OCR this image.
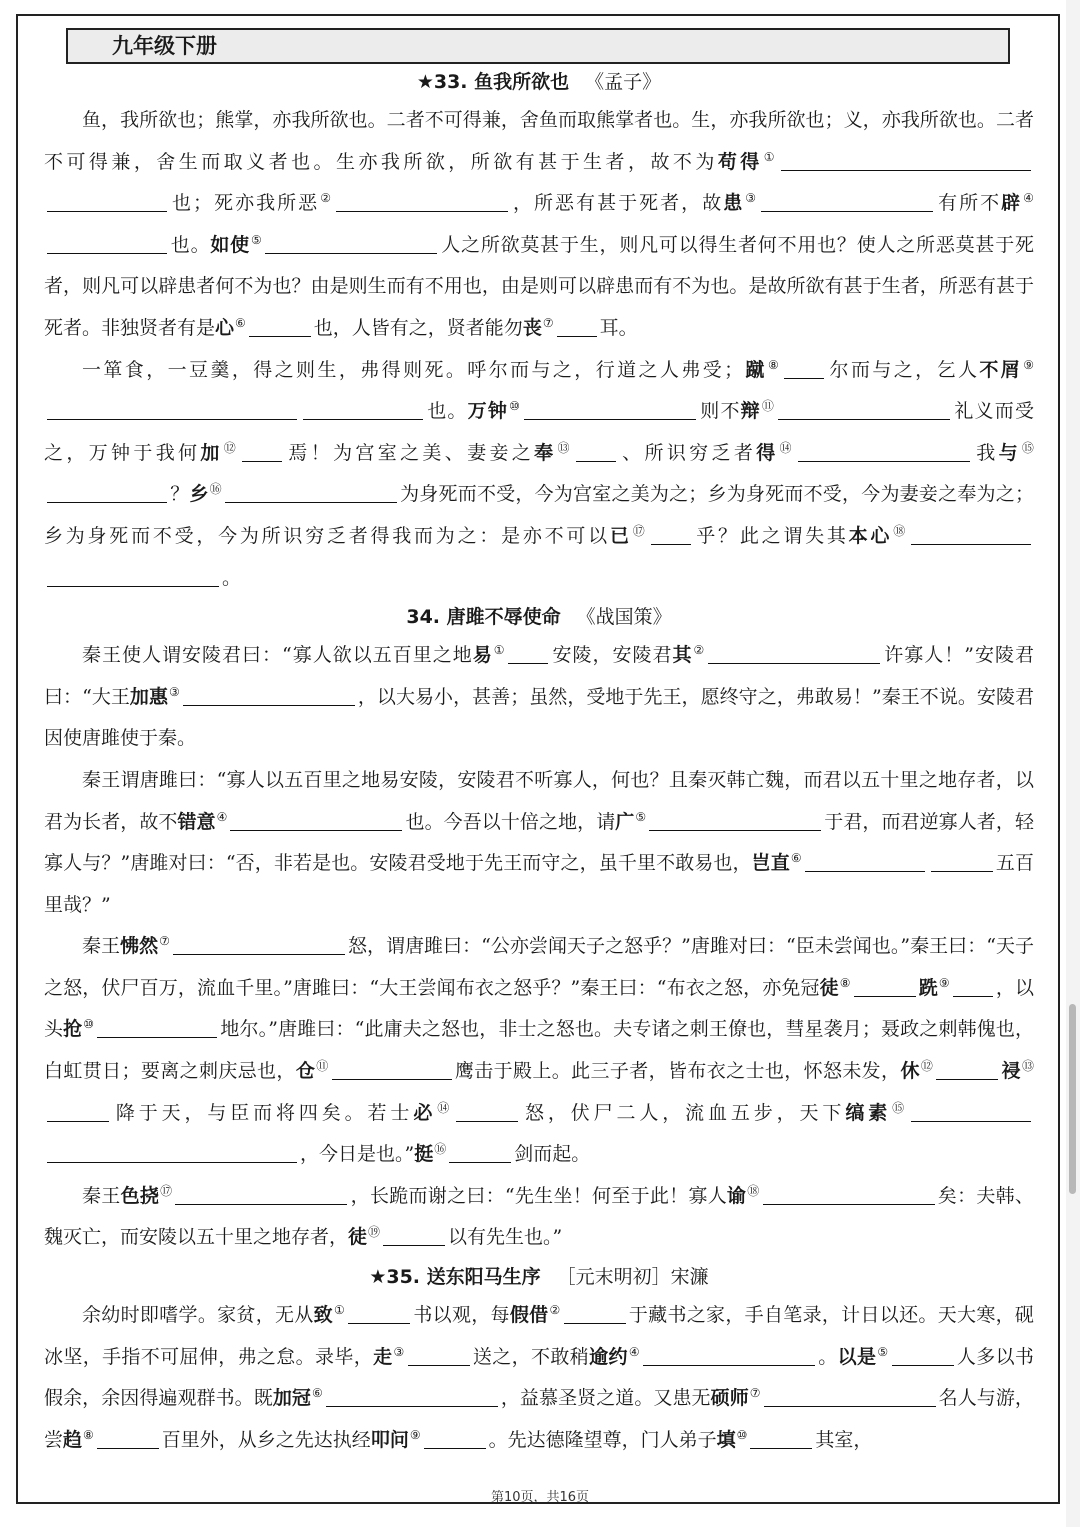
九年级下册
★33. 鱼我所欲也 《孟子》

鱼，我所欲也；熊掌，亦我所欲也。二者不可得兼，舍鱼而取熊掌者也。生，亦我所欲也；义，亦我所欲也。二者不可得兼，舍生而取义者也。生亦我所欲，所欲有甚于生者，故不为苟得①也；死亦我所恶②	，所恶有甚于死者，故患③	有所不辟④也。如使⑤	人之所欲莫甚于生，则凡可以得生者何不用也？使人之所恶莫甚于死者，则凡可以辟患者何不为也？由是则生而有不用也，由是则可以辟患而有不为也。是故所欲有甚于生者，所恶有甚于死者。非独贤者有是心⑥	也，人皆有之，贤者能勿丧⑦ 耳。

一箪食，一豆羹，得之则生，弗得则死。呼尔而与之，行道之人弗受；蹴⑧ 尔而与之，乞人不屑⑨也。万钟⑩	则不辩⑪	礼义而受之，万钟于我何加⑫ 焉！为宫室之美、妻妾之奉⑬ 、所识穷乏者得⑭	我与⑮？乡⑯	为身死而不受，今为宫室之美为之；乡为身死而不受，今为妻妾之奉为之；乡为身死而不受，今为所识穷乏者得我而为之：是亦不可以已⑰ 乎？此之谓失其本心⑱。

34. 唐雎不辱使命 《战国策》

秦王使人谓安陵君曰：“寡人欲以五百里之地易① 安陵，安陵君其②	许寡人！”安陵君曰：“大王加惠③	，以大易小，甚善；虽然，受地于先王，愿终守之，弗敢易！”秦王不说。安陵君因使唐雎使于秦。

秦王谓唐雎曰：“寡人以五百里之地易安陵，安陵君不听寡人，何也？且秦灭韩亡魏，而君以五十里之地存者，以君为长者，故不错意④	也。今吾以十倍之地，请广⑤	于君，而君逆寡人者，轻寡人与？”唐雎对曰：“否，非若是也。安陵君受地于先王而守之，虽千里不敢易也，岂直⑥	五百里哉？”

秦王怫然⑦	怒，谓唐雎曰：“公亦尝闻天子之怒乎？”唐雎对曰：“臣未尝闻也。”秦王曰：“天子之怒，伏尸百万，流血千里。”唐雎曰：“大王尝闻布衣之怒乎？”秦王曰：“布衣之怒，亦免冠徒⑧	跣⑨ ，以头抢⑩	地尔。”唐雎曰：“此庸夫之怒也，非士之怒也。夫专诸之刺王僚也，彗星袭月；聂政之刺韩傀也，白虹贯日；要离之刺庆忌也，仓⑪	鹰击于殿上。此三子者，皆布衣之士也，怀怒未发，休⑫	祲⑬降于天，与臣而将四矣。若士必⑭	怒，伏尸二人，流血五步，天下缟素⑮，今日是也。”挺⑯	剑而起。

秦王色挠⑰	，长跪而谢之曰：“先生坐！何至于此！寡人谕⑱	矣：夫韩、魏灭亡，而安陵以五十里之地存者，徒⑲	以有先生也。”

★35. 送东阳马生序 ［元末明初］宋濂

余幼时即嗜学。家贫，无从致①	书以观，每假借②	于藏书之家，手自笔录，计日以还。天大寒，砚冰坚，手指不可屈伸，弗之怠。录毕，走③	送之，不敢稍逾约④	。以是⑤	人多以书假余，余因得遍观群书。既加冠⑥	，益慕圣贤之道。又患无硕师⑦	名人与游，尝趋⑧	百里外，从乡之先达执经叩问⑨	。先达德隆望尊，门人弟子填⑩	其室，

第10页，共16页
